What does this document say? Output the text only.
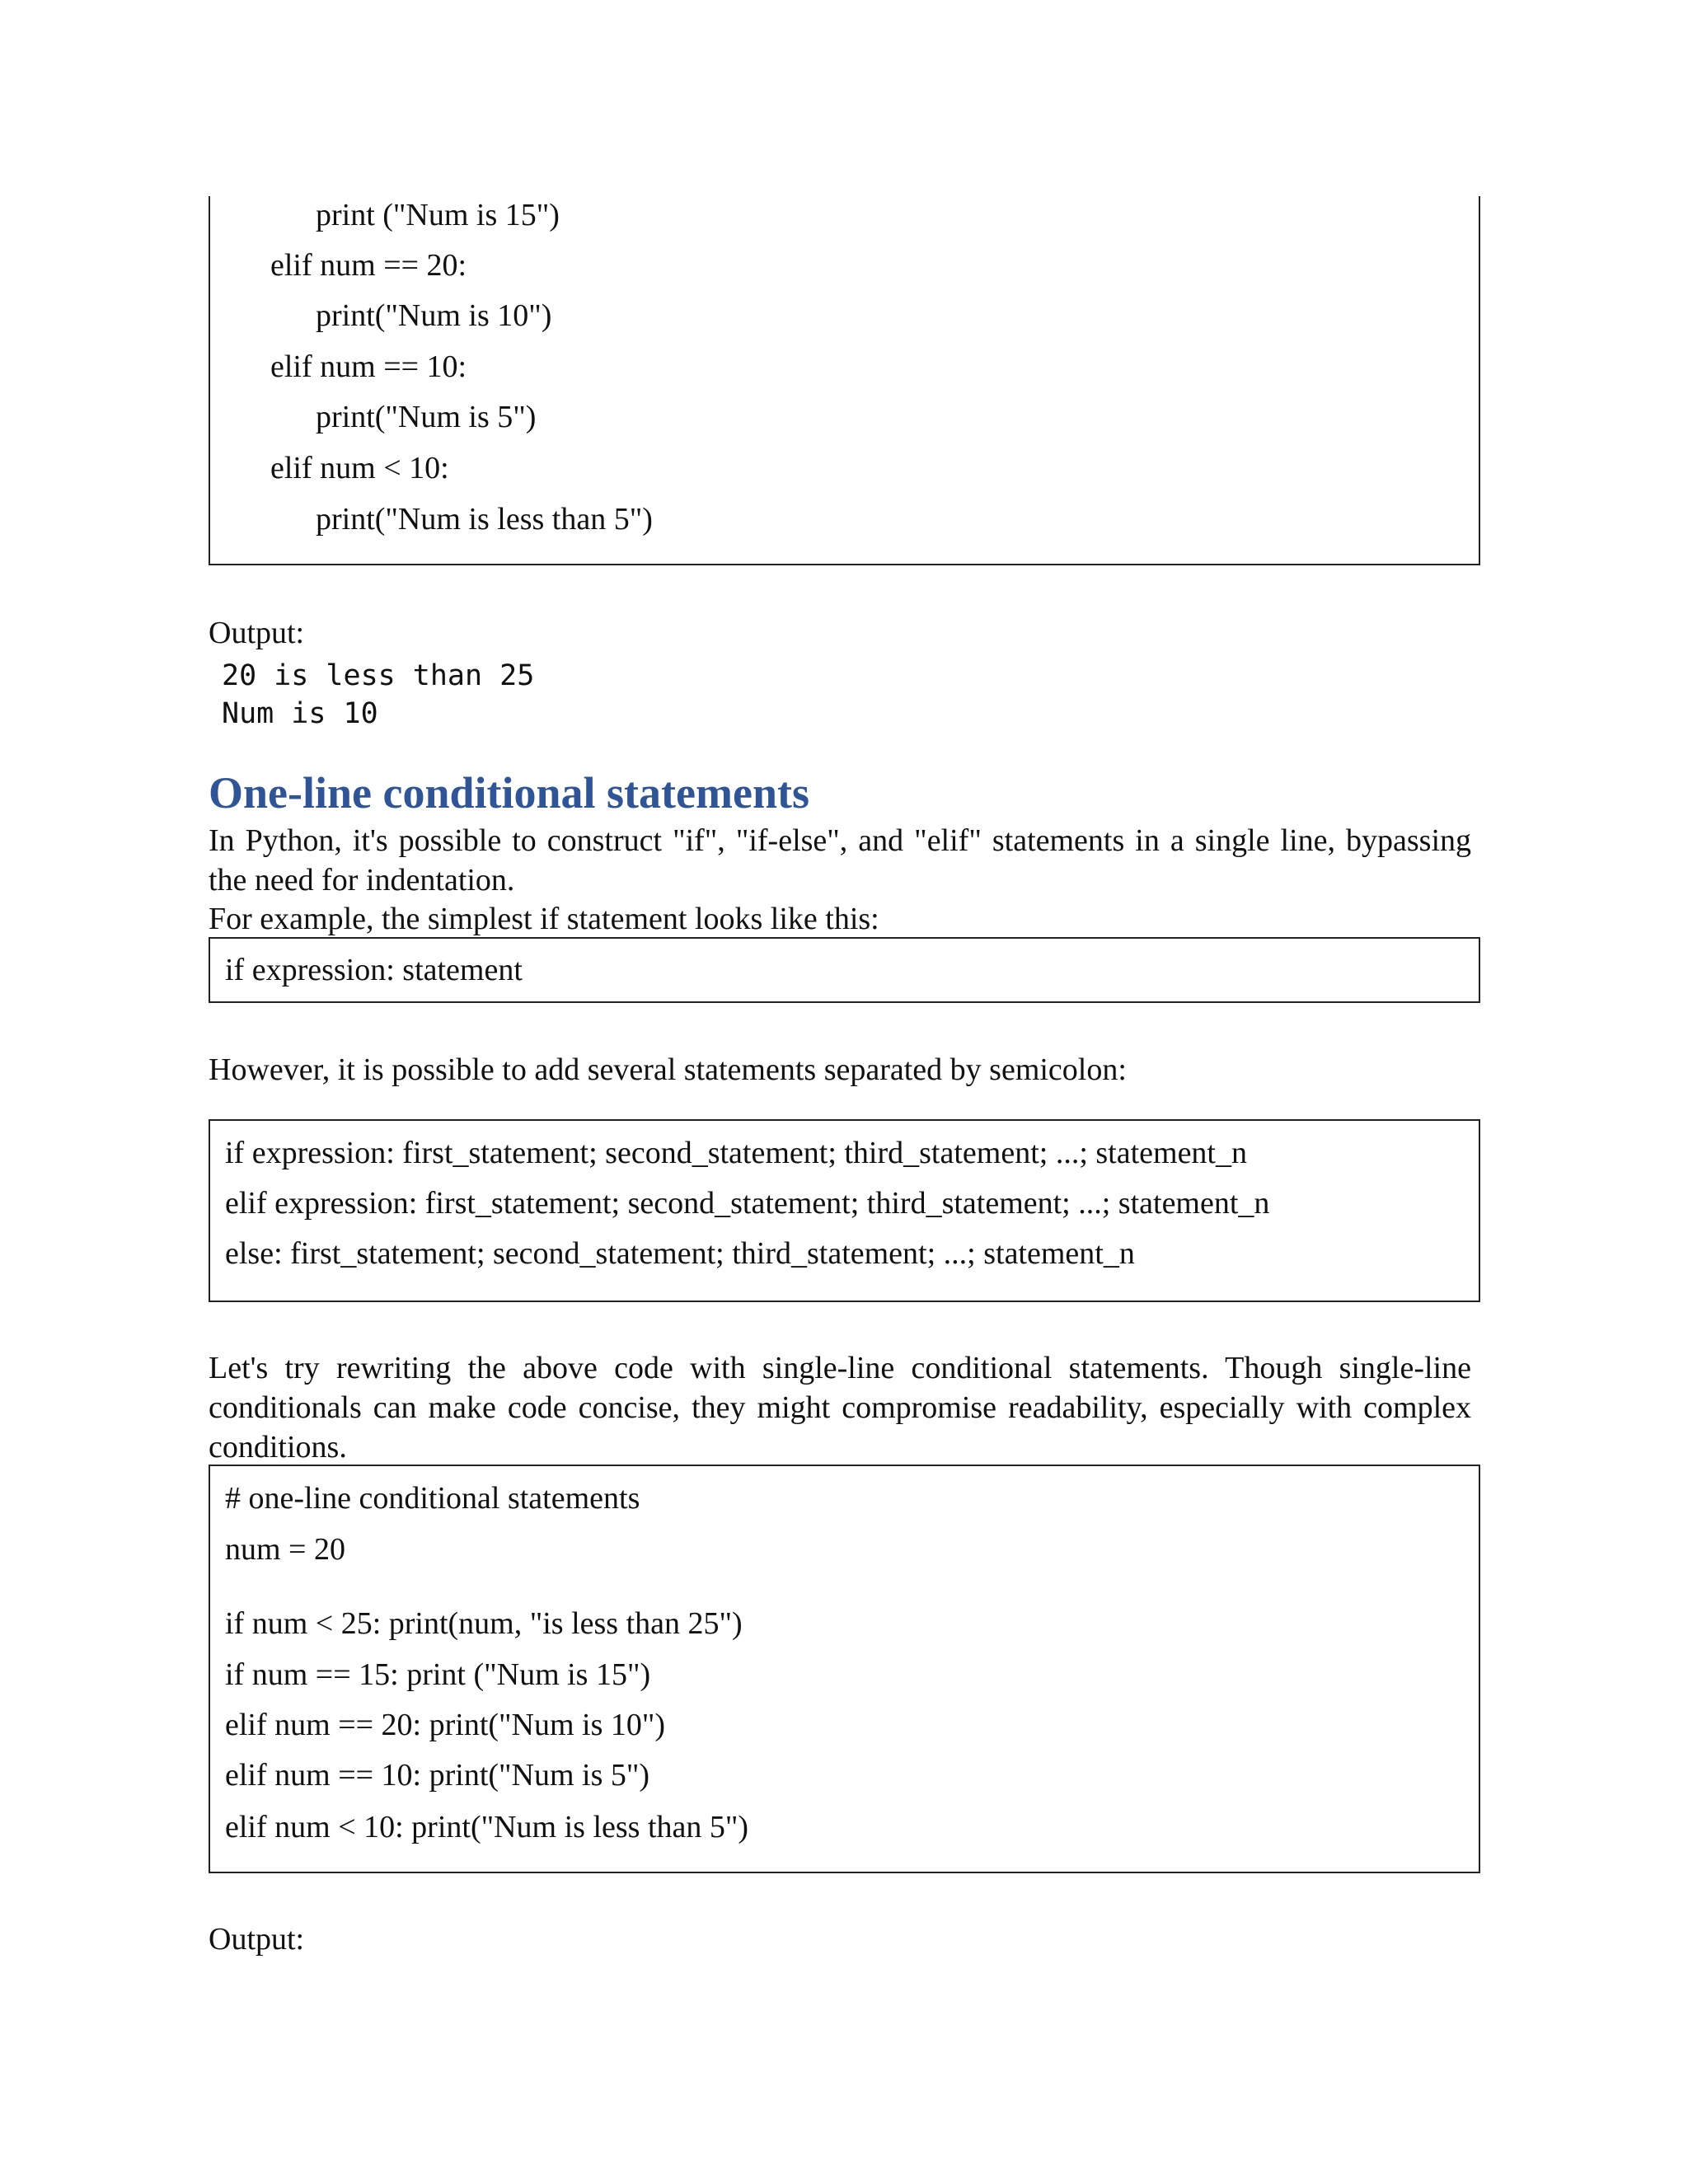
print ("Num is 15")
elif num == 20:
print("Num is 10")
elif num == 10:
print("Num is 5")
elif num < 10:
print("Num is less than 5")
Output:
20 is less than 25
Num is 10
One-line conditional statements
In Python, it's possible to construct "if", "if-else", and "elif" statements in a single line, bypassing the need for indentation.
For example, the simplest if statement looks like this:
if expression: statement
However, it is possible to add several statements separated by semicolon:
if expression: first_statement; second_statement; third_statement; ...; statement_n
elif expression: first_statement; second_statement; third_statement; ...; statement_n
else: first_statement; second_statement; third_statement; ...; statement_n
Let's try rewriting the above code with single-line conditional statements. Though single-line conditionals can make code concise, they might compromise readability, especially with complex conditions.
# one-line conditional statements
num = 20
if num < 25: print(num, "is less than 25")
if num == 15: print ("Num is 15")
elif num == 20: print("Num is 10")
elif num == 10: print("Num is 5")
elif num < 10: print("Num is less than 5")
Output:
